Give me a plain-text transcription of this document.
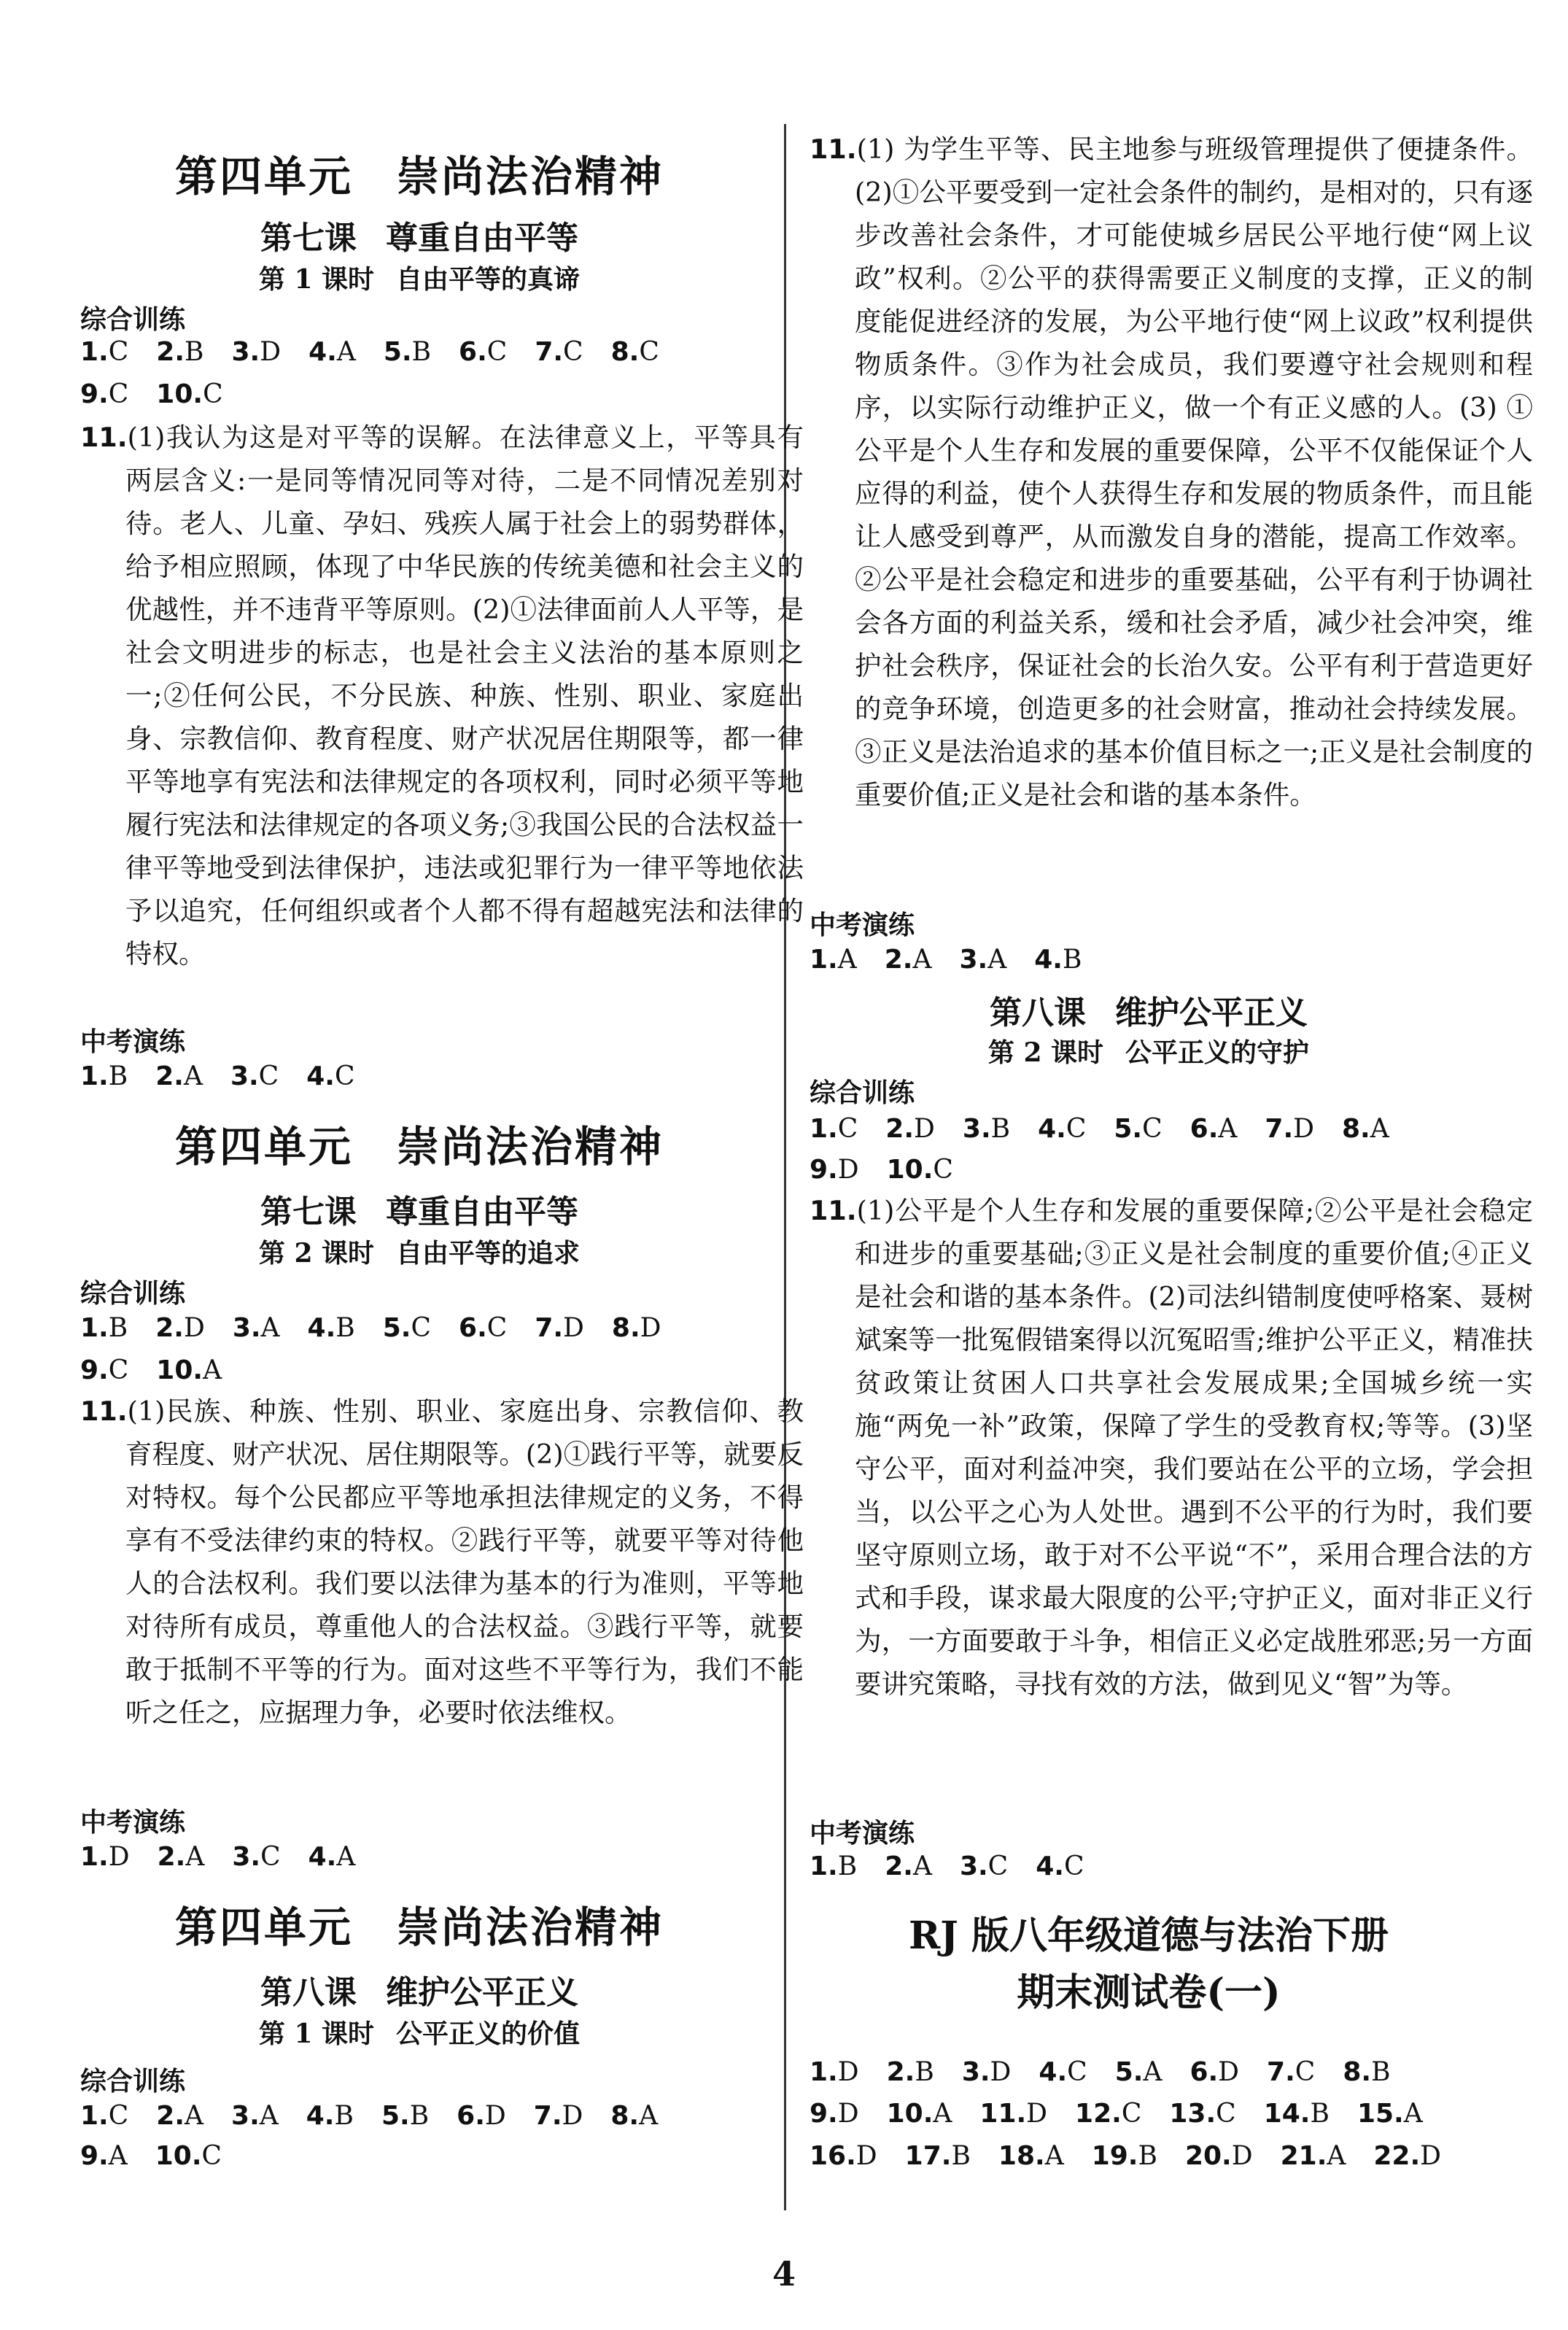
第四单元 崇尚法治精神
第七课 尊重自由平等
第 1 课时 自由平等的真谛
综合训练
1.C 2.B 3.D 4.A 5.B 6.C 7.C 8.C
9.C 10.C
11.(1)我认为这是对平等的误解。在法律意义上，平等具有两层含义:一是同等情况同等对待，二是不同情况差别对待。老人、儿童、孕妇、残疾人属于社会上的弱势群体，给予相应照顾，体现了中华民族的传统美德和社会主义的优越性，并不违背平等原则。(2)①法律面前人人平等，是社会文明进步的标志，也是社会主义法治的基本原则之一;②任何公民，不分民族、种族、性别、职业、家庭出身、宗教信仰、教育程度、财产状况居住期限等，都一律平等地享有宪法和法律规定的各项权利，同时必须平等地履行宪法和法律规定的各项义务;③我国公民的合法权益一律平等地受到法律保护，违法或犯罪行为一律平等地依法予以追究，任何组织或者个人都不得有超越宪法和法律的特权。
中考演练
1.B 2.A 3.C 4.C
第四单元 崇尚法治精神
第七课 尊重自由平等
第 2 课时 自由平等的追求
综合训练
1.B 2.D 3.A 4.B 5.C 6.C 7.D 8.D
9.C 10.A
11.(1)民族、种族、性别、职业、家庭出身、宗教信仰、教育程度、财产状况、居住期限等。(2)①践行平等，就要反对特权。每个公民都应平等地承担法律规定的义务，不得享有不受法律约束的特权。②践行平等，就要平等对待他人的合法权利。我们要以法律为基本的行为准则，平等地对待所有成员，尊重他人的合法权益。③践行平等，就要敢于抵制不平等的行为。面对这些不平等行为，我们不能听之任之，应据理力争，必要时依法维权。
中考演练
1.D 2.A 3.C 4.A
第四单元 崇尚法治精神
第八课 维护公平正义
第 1 课时 公平正义的价值
综合训练
1.C 2.A 3.A 4.B 5.B 6.D 7.D 8.A
9.A 10.C
11.(1) 为学生平等、民主地参与班级管理提供了便捷条件。(2)①公平要受到一定社会条件的制约，是相对的，只有逐步改善社会条件，才可能使城乡居民公平地行使“网上议政”权利。②公平的获得需要正义制度的支撑，正义的制度能促进经济的发展，为公平地行使“网上议政”权利提供物质条件。③作为社会成员，我们要遵守社会规则和程序，以实际行动维护正义，做一个有正义感的人。(3) ①公平是个人生存和发展的重要保障，公平不仅能保证个人应得的利益，使个人获得生存和发展的物质条件，而且能让人感受到尊严，从而激发自身的潜能，提高工作效率。②公平是社会稳定和进步的重要基础，公平有利于协调社会各方面的利益关系，缓和社会矛盾，减少社会冲突，维护社会秩序，保证社会的长治久安。公平有利于营造更好的竞争环境，创造更多的社会财富，推动社会持续发展。③正义是法治追求的基本价值目标之一;正义是社会制度的重要价值;正义是社会和谐的基本条件。
中考演练
1.A 2.A 3.A 4.B
第八课 维护公平正义
第 2 课时 公平正义的守护
综合训练
1.C 2.D 3.B 4.C 5.C 6.A 7.D 8.A
9.D 10.C
11.(1)公平是个人生存和发展的重要保障;②公平是社会稳定和进步的重要基础;③正义是社会制度的重要价值;④正义是社会和谐的基本条件。(2)司法纠错制度使呼格案、聂树斌案等一批冤假错案得以沉冤昭雪;维护公平正义，精准扶贫政策让贫困人口共享社会发展成果;全国城乡统一实施“两免一补”政策，保障了学生的受教育权;等等。(3)坚守公平，面对利益冲突，我们要站在公平的立场，学会担当，以公平之心为人处世。遇到不公平的行为时，我们要坚守原则立场，敢于对不公平说“不”，采用合理合法的方式和手段，谋求最大限度的公平;守护正义，面对非正义行为，一方面要敢于斗争，相信正义必定战胜邪恶;另一方面要讲究策略，寻找有效的方法，做到见义“智”为等。
中考演练
1.B 2.A 3.C 4.C
RJ 版八年级道德与法治下册
期末测试卷(一)
1.D 2.B 3.D 4.C 5.A 6.D 7.C 8.B
9.D 10.A 11.D 12.C 13.C 14.B 15.A
16.D 17.B 18.A 19.B 20.D 21.A 22.D
4
